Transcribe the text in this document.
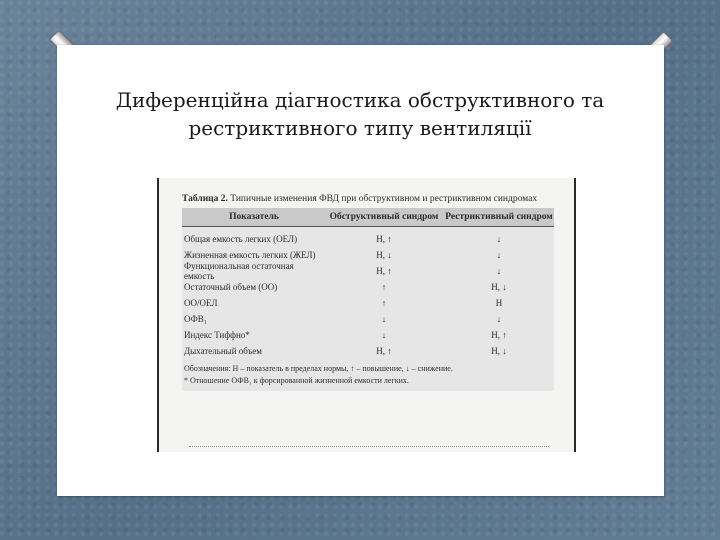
Диференційна діагностика обструктивного та
рестриктивного типу вентиляції
Таблица 2. Типичные изменения ФВД при обструктивном и рестриктивном синдромах
Показатель	Обструктивный синдром Рестриктивный синдром
Общая емкость легких (ОЕЛ)	Н, ↑	↓
Жизненная емкость легких (ЖЕЛ)	Н, ↓	↓
Функциональная остаточная емкость	Н, ↑	↓
Остаточный объем (ОО)	↑	Н, ↓
ОО/ОЕЛ	↑	Н
ОФВ₁	↓	↓
Индекс Тиффно*	↓	Н, ↑
Дыхательный объем	Н, ↑	Н, ↓
Обозначения: Н – показатель в пределах нормы, ↑ – повышение, ↓ – снижение.
* Отношение ОФВ₁ к форсированной жизненной емкости легких.
